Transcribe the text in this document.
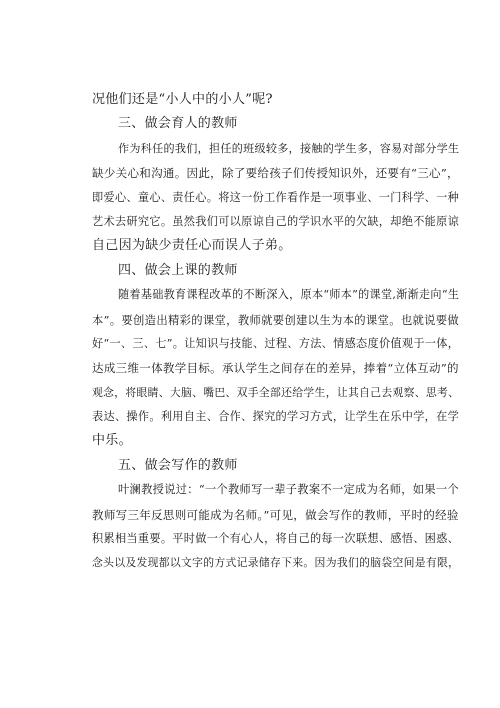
况他们还是“小人中的小人”呢?
三、做会育人的教师
作为科任的我们，担任的班级较多，接触的学生多，容易对部分学生
缺少关心和沟通。因此，除了要给孩子们传授知识外，还要有“三心”，
即爱心、童心、责任心。将这一份工作看作是一项事业、一门科学、一种
艺术去研究它。虽然我们可以原谅自己的学识水平的欠缺，却绝不能原谅
自己因为缺少责任心而误人子弟。
四、做会上课的教师
随着基础教育课程改革的不断深入，原本“师本”的课堂,渐渐走向“生
本”。要创造出精彩的课堂，教师就要创建以生为本的课堂。也就说要做
好“一、三、七”。让知识与技能、过程、方法、情感态度价值观于一体，
达成三维一体教学目标。承认学生之间存在的差异，捧着“立体互动”的
观念，将眼睛、大脑、嘴巴、双手全部还给学生，让其自己去观察、思考、
表达、操作。利用自主、合作、探究的学习方式，让学生在乐中学，在学
中乐。
五、做会写作的教师
叶澜教授说过：“一个教师写一辈子教案不一定成为名师，如果一个
教师写三年反思则可能成为名师。”可见，做会写作的教师，平时的经验
积累相当重要。平时做一个有心人，将自己的每一次联想、感悟、困惑、
念头以及发现都以文字的方式记录储存下来。因为我们的脑袋空间是有限，
